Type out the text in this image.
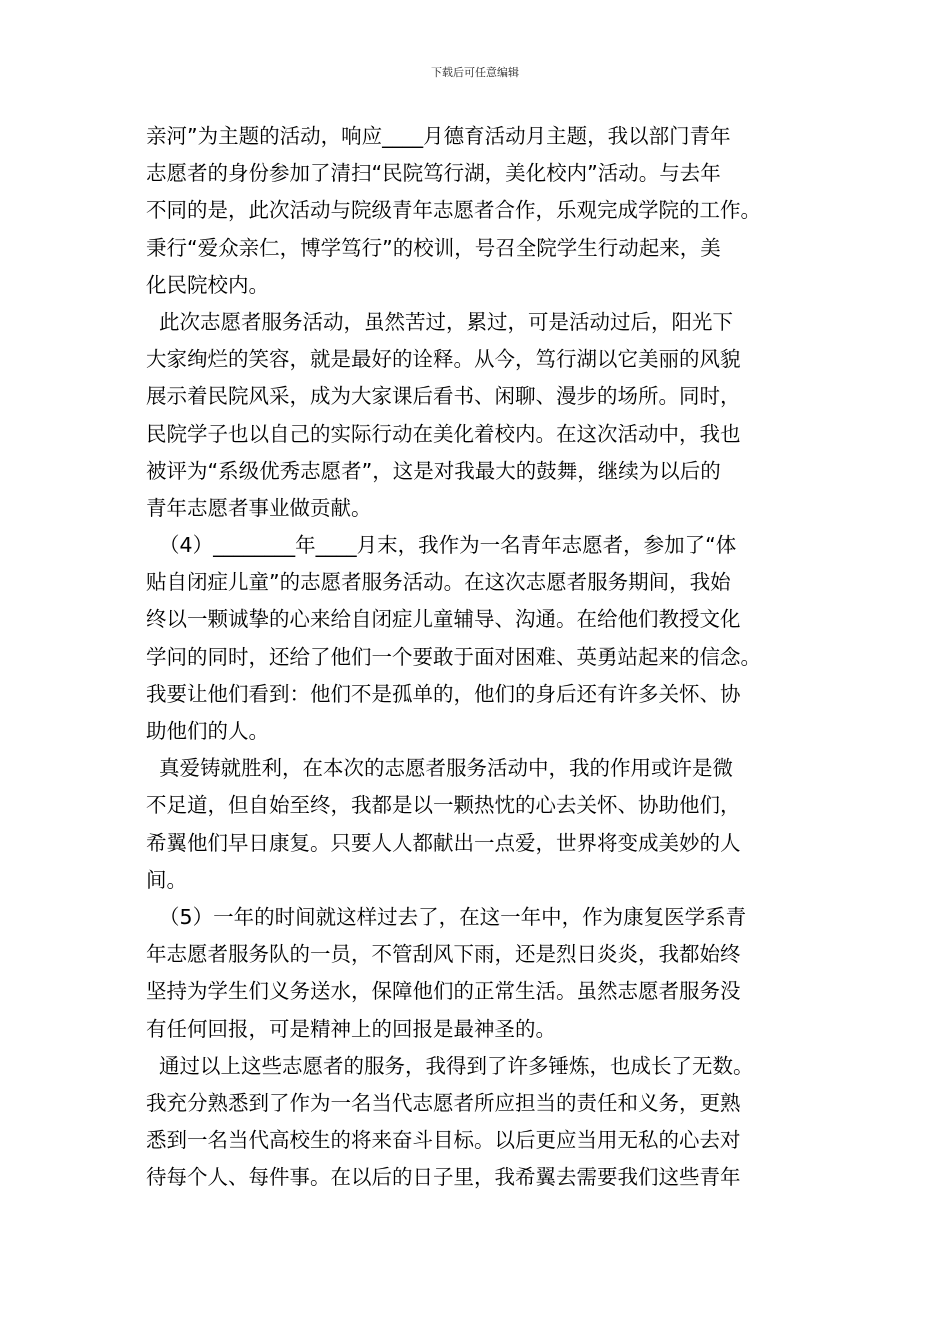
下载后可任意编辑
亲河”为主题的活动，响应____月德育活动月主题，我以部门青年
志愿者的身份参加了清扫“民院笃行湖，美化校内”活动。与去年
不同的是，此次活动与院级青年志愿者合作，乐观完成学院的工作。
秉行“爱众亲仁，博学笃行”的校训，号召全院学生行动起来，美
化民院校内。
此次志愿者服务活动，虽然苦过，累过，可是活动过后，阳光下
大家绚烂的笑容，就是最好的诠释。从今，笃行湖以它美丽的风貌
展示着民院风采，成为大家课后看书、闲聊、漫步的场所。同时，
民院学子也以自己的实际行动在美化着校内。在这次活动中，我也
被评为“系级优秀志愿者”，这是对我最大的鼓舞，继续为以后的
青年志愿者事业做贡献。
（4）________年____月末，我作为一名青年志愿者，参加了“体
贴自闭症儿童”的志愿者服务活动。在这次志愿者服务期间，我始
终以一颗诚挚的心来给自闭症儿童辅导、沟通。在给他们教授文化
学问的同时，还给了他们一个要敢于面对困难、英勇站起来的信念。
我要让他们看到：他们不是孤单的，他们的身后还有许多关怀、协
助他们的人。
真爱铸就胜利，在本次的志愿者服务活动中，我的作用或许是微
不足道，但自始至终，我都是以一颗热忱的心去关怀、协助他们，
希翼他们早日康复。只要人人都献出一点爱，世界将变成美妙的人
间。
（5）一年的时间就这样过去了，在这一年中，作为康复医学系青
年志愿者服务队的一员，不管刮风下雨，还是烈日炎炎，我都始终
坚持为学生们义务送水，保障他们的正常生活。虽然志愿者服务没
有任何回报，可是精神上的回报是最神圣的。
通过以上这些志愿者的服务，我得到了许多锤炼，也成长了无数。
我充分熟悉到了作为一名当代志愿者所应担当的责任和义务，更熟
悉到一名当代高校生的将来奋斗目标。以后更应当用无私的心去对
待每个人、每件事。在以后的日子里，我希翼去需要我们这些青年
